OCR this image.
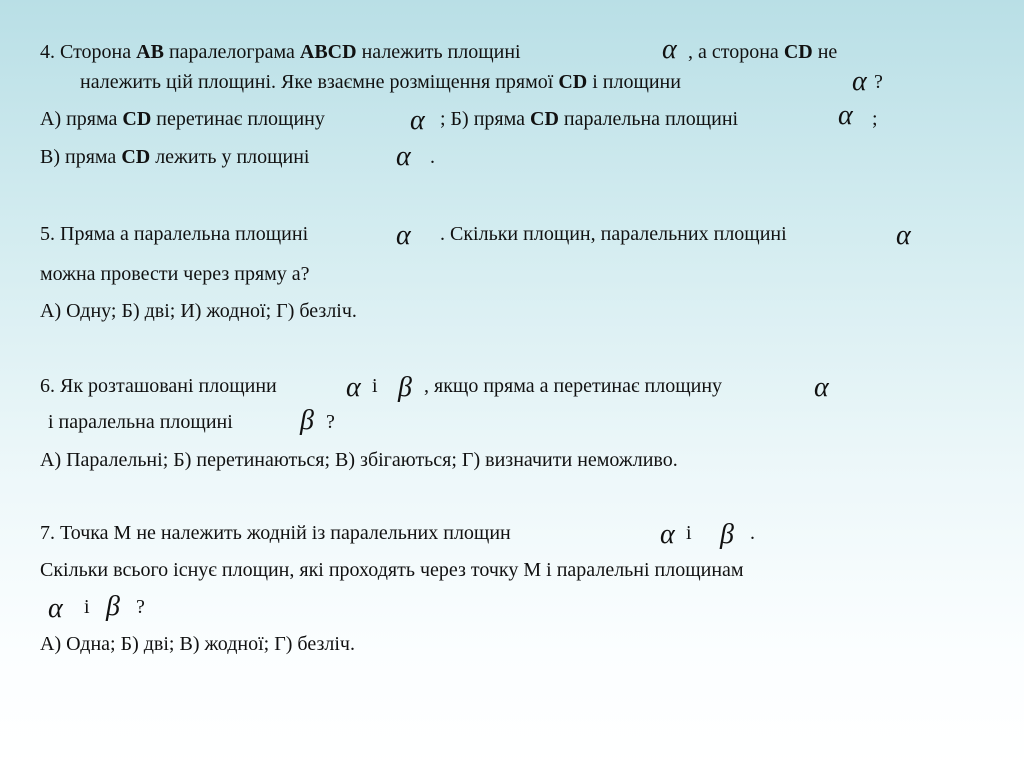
4. Сторона АВ паралелограма ABCD належить площині	α , а сторона CD не
належить цій площині. Яке взаємне розміщення прямої CD і площини	α ?
А) пряма CD перетинає площину	α ; Б) пряма CD паралельна площині	α ;
В) пряма CD лежить у площині	α .
5. Пряма а паралельна площині	α . Скільки площин, паралельних площині	α
можна провести через пряму а?
А) Одну; Б) дві; И) жодної; Г) безліч.
6. Як розташовані площини α і β , якщо пряма а перетинає площину	α
і паралельна площині β ?
А) Паралельні; Б) перетинаються; В) збігаються; Г) визначити неможливо.
7. Точка М не належить жодній із паралельних площин	α і β .
Скільки всього існує площин, які проходять через точку М і паралельні площинам
α і β ?
А) Одна; Б) дві; В) жодної; Г) безліч.
